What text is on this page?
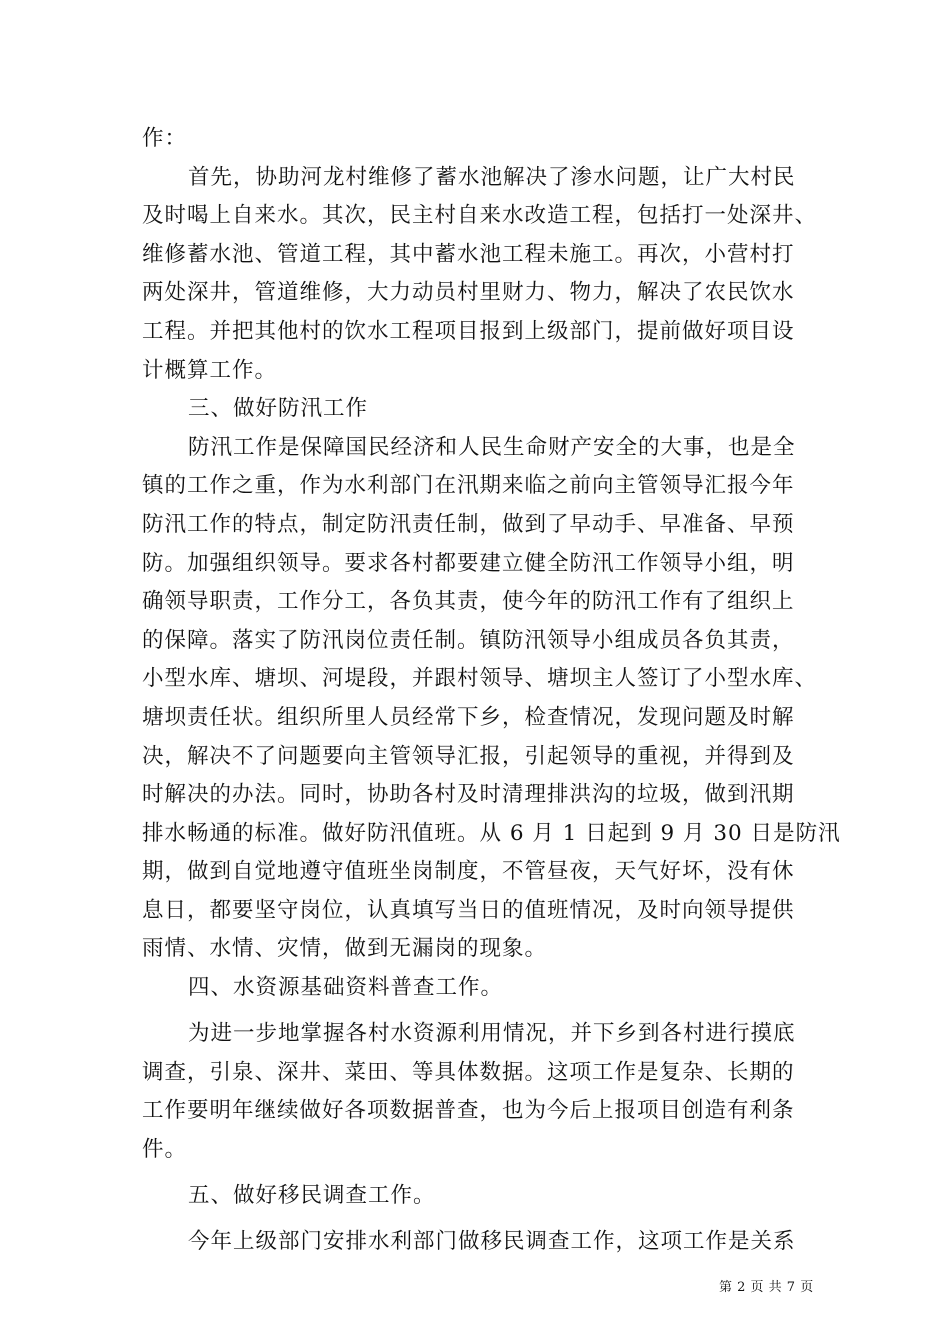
作：
首先，协助河龙村维修了蓄水池解决了渗水问题，让广大村民
及时喝上自来水。其次，民主村自来水改造工程，包括打一处深井、
维修蓄水池、管道工程，其中蓄水池工程未施工。再次，小营村打
两处深井，管道维修，大力动员村里财力、物力，解决了农民饮水
工程。并把其他村的饮水工程项目报到上级部门，提前做好项目设
计概算工作。
三、做好防汛工作
防汛工作是保障国民经济和人民生命财产安全的大事，也是全
镇的工作之重，作为水利部门在汛期来临之前向主管领导汇报今年
防汛工作的特点，制定防汛责任制，做到了早动手、早准备、早预
防。加强组织领导。要求各村都要建立健全防汛工作领导小组，明
确领导职责，工作分工，各负其责，使今年的防汛工作有了组织上
的保障。落实了防汛岗位责任制。镇防汛领导小组成员各负其责，
小型水库、塘坝、河堤段，并跟村领导、塘坝主人签订了小型水库、
塘坝责任状。组织所里人员经常下乡，检查情况，发现问题及时解
决，解决不了问题要向主管领导汇报，引起领导的重视，并得到及
时解决的办法。同时，协助各村及时清理排洪沟的垃圾，做到汛期
排水畅通的标准。做好防汛值班。从 6 月 1 日起到 9 月 30 日是防汛
期，做到自觉地遵守值班坐岗制度，不管昼夜，天气好坏，没有休
息日，都要坚守岗位，认真填写当日的值班情况，及时向领导提供
雨情、水情、灾情，做到无漏岗的现象。
四、水资源基础资料普查工作。
为进一步地掌握各村水资源利用情况，并下乡到各村进行摸底
调查，引泉、深井、菜田、等具体数据。这项工作是复杂、长期的
工作要明年继续做好各项数据普查，也为今后上报项目创造有利条
件。
五、做好移民调查工作。
今年上级部门安排水利部门做移民调查工作，这项工作是关系
第 2 页 共 7 页
